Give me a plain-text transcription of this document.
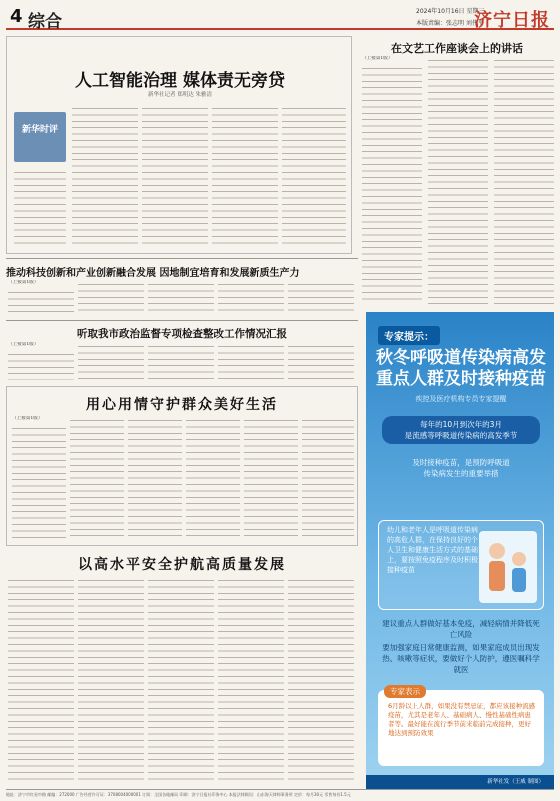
4 综合
2024年10月16日 星期三
本版责编：张志明 刘伟平
济宁日报
人工智能治理 媒体责无旁贷
新华社记者 郑明达 朱雅清
新华时评
在文艺工作座谈会上的讲话
（上接第1版）
推动科技创新和产业创新融合发展 因地制宜培育和发展新质生产力
（上接第1版）
听取我市政治监督专项检查整改工作情况汇报
（上接第1版）
用心用情守护群众美好生活
（上接第1版）
以高水平安全护航高质量发展
专家提示：
秋冬呼吸道传染病高发
重点人群及时接种疫苗
疾控及医疗机构专员专家提醒
每年的10月到次年的3月
是流感等呼吸道传染病的高发季节
及时接种疫苗，是预防呼吸道
传染病发生的重要举措
幼儿和老年人是呼吸道传染病的高危人群，在保持良好的个人卫生和健康生活方式的基础上，要按照免疫程序及时积极接种疫苗
建议重点人群做好基本免疫，减轻病情并降低死亡风险
要加强家庭日常健康监测，如果家庭成员出现发热、咳嗽等症状，要做好个人防护，遵医嘱科学就医
专家表示
6月龄以上人群，如果没有禁忌证，都应该接种流感疫苗，尤其是老年人、基础病人、慢性基础性病患者等。最好能在流行季节前来临前完成接种，更好地达到预防效果
新华社发（王威 制图）
地址：济宁市红星中路 邮编：272000 广告经营许可证：3708004000001 订阅：全国各地邮局 印刷：济宁日报社印务中心 本报法律顾问：山东海天律师事务所 定价：每月30元 零售每份1.5元
